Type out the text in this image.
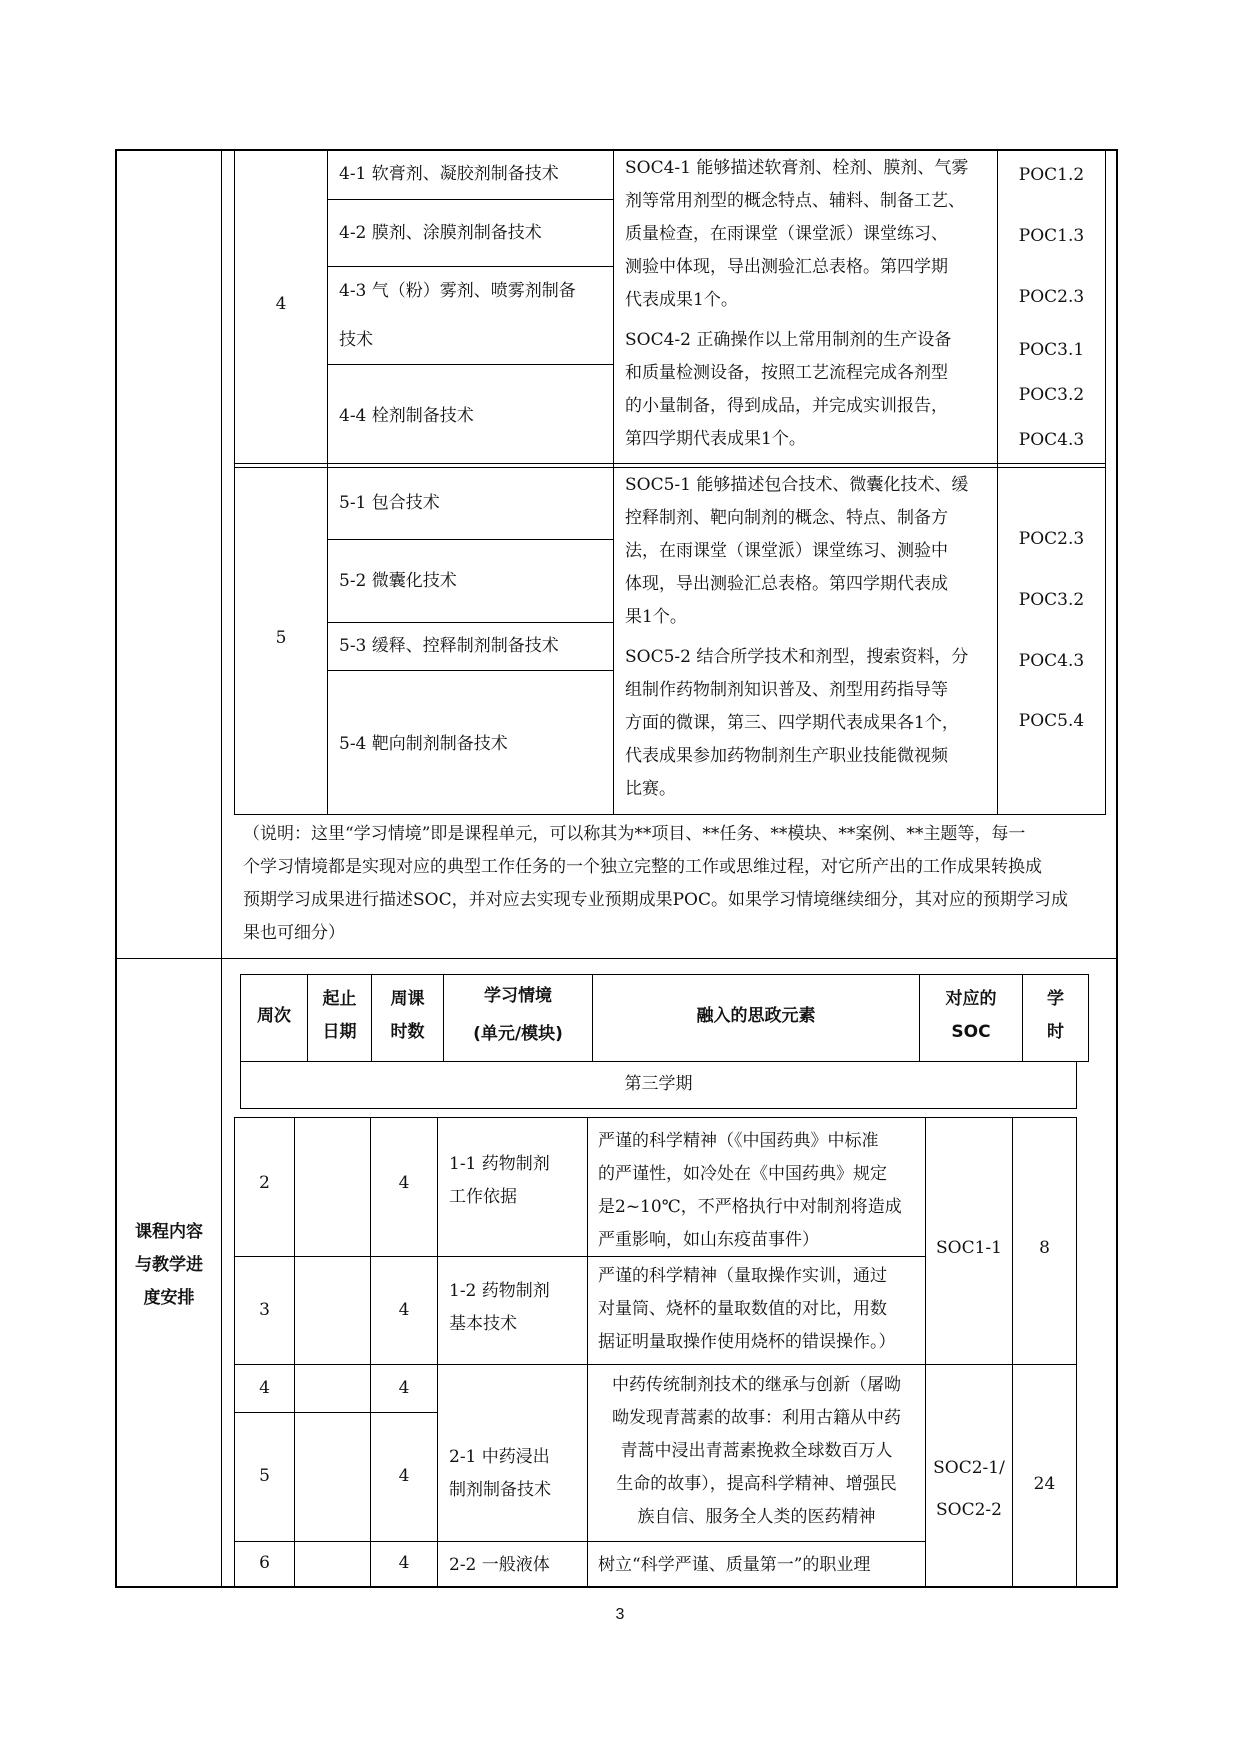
4
4-1 软膏剂、凝胶剂制备技术
4-2 膜剂、涂膜剂制备技术
4-3 气（粉）雾剂、喷雾剂制备
技术
4-4 栓剂制备技术
SOC4-1 能够描述软膏剂、栓剂、膜剂、气雾
剂等常用剂型的概念特点、辅料、制备工艺、
质量检查，在雨课堂（课堂派）课堂练习、
测验中体现，导出测验汇总表格。第四学期
代表成果1个。
SOC4-2 正确操作以上常用制剂的生产设备
和质量检测设备，按照工艺流程完成各剂型
的小量制备，得到成品，并完成实训报告，
第四学期代表成果1个。
POC1.2
POC1.3
POC2.3
POC3.1
POC3.2
POC4.3
5
5-1 包合技术
5-2 微囊化技术
5-3 缓释、控释制剂制备技术
5-4 靶向制剂制备技术
SOC5-1 能够描述包合技术、微囊化技术、缓
控释制剂、靶向制剂的概念、特点、制备方
法，在雨课堂（课堂派）课堂练习、测验中
体现，导出测验汇总表格。第四学期代表成
果1个。
SOC5-2 结合所学技术和剂型，搜索资料，分
组制作药物制剂知识普及、剂型用药指导等
方面的微课，第三、四学期代表成果各1个，
代表成果参加药物制剂生产职业技能微视频
比赛。
POC2.3
POC3.2
POC4.3
POC5.4
（说明：这里“学习情境”即是课程单元，可以称其为**项目、**任务、**模块、**案例、**主题等，每一
个学习情境都是实现对应的典型工作任务的一个独立完整的工作或思维过程，对它所产出的工作成果转换成
预期学习成果进行描述SOC，并对应去实现专业预期成果POC。如果学习情境继续细分，其对应的预期学习成
果也可细分）
课程内容
与教学进
度安排
周次
起止
日期
周课
时数
学习情境
(单元/模块)
融入的思政元素
对应的
SOC
学
时
第三学期
2
3
4
5
6
4
4
4
4
4
1-1 药物制剂
工作依据
1-2 药物制剂
基本技术
2-1 中药浸出
制剂制备技术
2-2 一般液体
严谨的科学精神（《中国药典》中标准
的严谨性，如冷处在《中国药典》规定
是2~10℃，不严格执行中对制剂将造成
严重影响，如山东疫苗事件）
严谨的科学精神（量取操作实训，通过
对量筒、烧杯的量取数值的对比，用数
据证明量取操作使用烧杯的错误操作。）
中药传统制剂技术的继承与创新（屠呦
呦发现青蒿素的故事：利用古籍从中药
青蒿中浸出青蒿素挽救全球数百万人
生命的故事），提高科学精神、增强民
族自信、服务全人类的医药精神
树立“科学严谨、质量第一”的职业理
SOC1-1	8
SOC2-1/
SOC2-2
24
3
